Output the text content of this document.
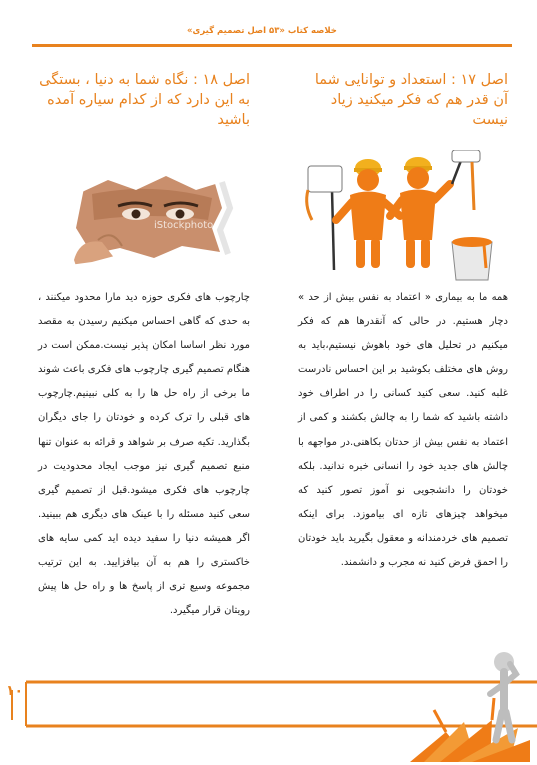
خلاصه کتاب «۵۳ اصل تصمیم گیری»
اصل ۱۷ : استعداد و توانایی شما آن قدر هم که فکر میکنید زیاد نیست

همه ما به بیماری « اعتماد به نفس بیش از حد » دچار هستیم. در حالی که آنقدرها هم که فکر میکنیم در تحلیل های خود باهوش نیستیم،باید به روش های مختلف بکوشید بر این احساس نادرست غلبه کنید. سعی کنید کسانی را در اطراف خود داشته باشید که شما را به چالش بکشند و کمی از اعتماد به نفس بیش از حدتان بکاهنی.در مواجهه با چالش های جدید خود را انسانی خبره ندانید. بلکه خودتان را دانشجویی نو آموز تصور کنید که میخواهد چیزهای تازه ای بیاموزد. برای اینکه تصمیم های خردمندانه و معقول بگیرید باید خودتان را احمق فرض کنید نه مجرب و دانشمند.

اصل ۱۸ : نگاه شما به دنیا ، بستگی به این دارد که از کدام سیاره آمده باشید
iStockphoto

چارچوب های فکری حوزه دید مارا محدود میکنند ، به حدی که گاهی احساس میکنیم رسیدن به مقصد مورد نظر اساسا امکان پذیر نیست.ممکن است در هنگام تصمیم گیری چارچوب های فکری باعث شوند ما برخی از راه حل ها را به کلی نبینیم.چارچوب های قبلی را ترک کرده و خودتان را جای دیگران بگذارید. تکیه صرف بر شواهد و قرائه به عنوان تنها منبع تصمیم گیری نیز موجب ایجاد محدودیت در چارچوب های فکری میشود.قبل از تصمیم گیری سعی کنید مسئله را با عینک های دیگری هم ببینید. اگر همیشه دنیا را سفید دیده اید کمی سایه های خاکستری را هم به آن بیافزایید. به این ترتیب مجموعه وسیع تری از پاسخ ها و راه حل ها پیش رویتان قرار میگیرد.

۱۰
